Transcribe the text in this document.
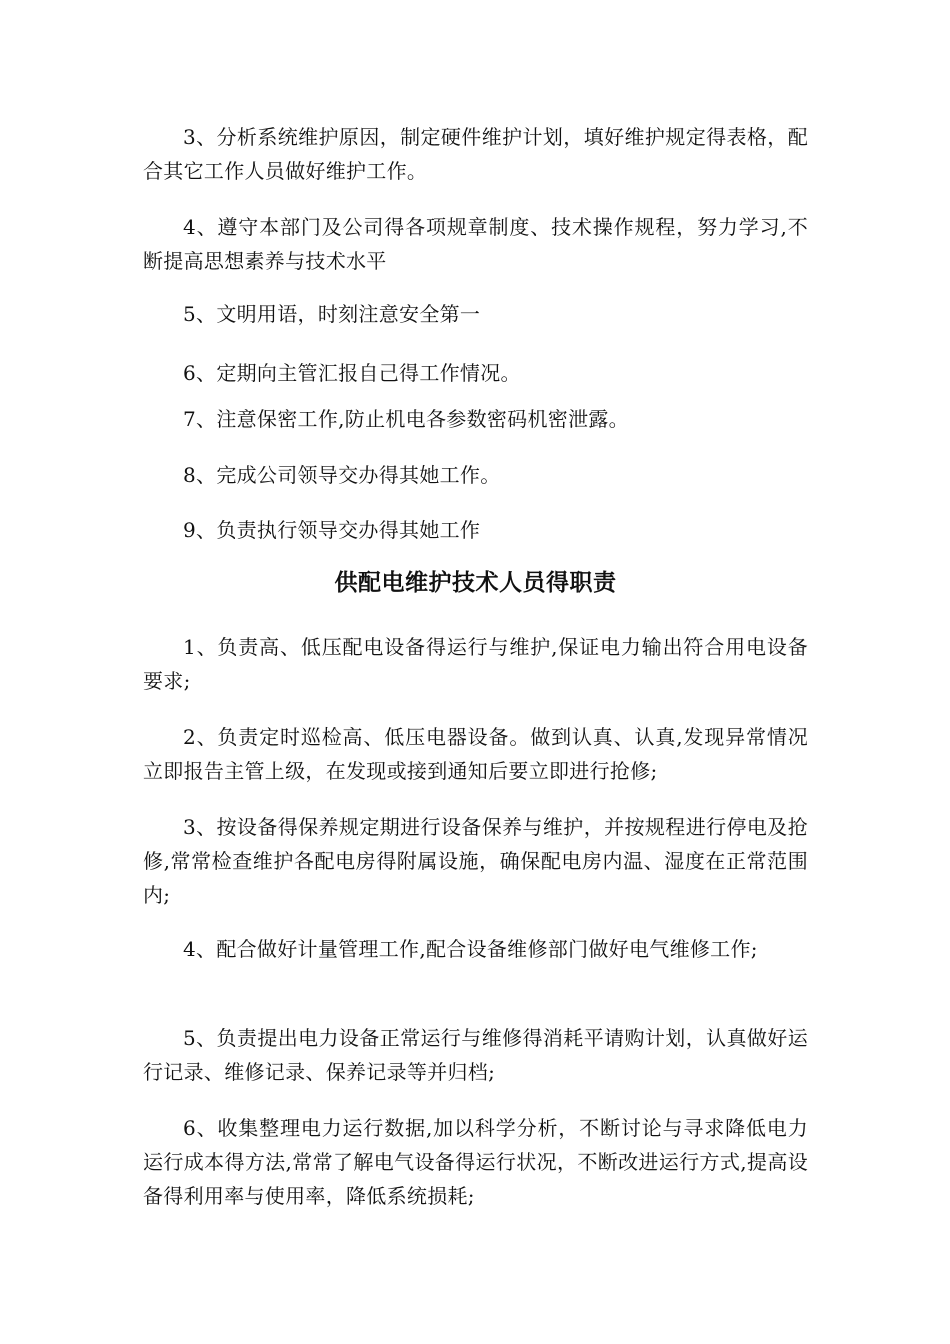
3、分析系统维护原因，制定硬件维护计划，填好维护规定得表格，配合其它工作人员做好维护工作。

4、遵守本部门及公司得各项规章制度、技术操作规程，努力学习,不断提高思想素养与技术水平

5、文明用语，时刻注意安全第一

6、定期向主管汇报自己得工作情况。

7、注意保密工作,防止机电各参数密码机密泄露。

8、完成公司领导交办得其她工作。

9、负责执行领导交办得其她工作

供配电维护技术人员得职责

1、负责高、低压配电设备得运行与维护,保证电力输出符合用电设备要求;

2、负责定时巡检高、低压电器设备。做到认真、认真,发现异常情况立即报告主管上级，在发现或接到通知后要立即进行抢修;

3、按设备得保养规定期进行设备保养与维护，并按规程进行停电及抢修,常常检查维护各配电房得附属设施，确保配电房内温、湿度在正常范围内;

4、配合做好计量管理工作,配合设备维修部门做好电气维修工作;

5、负责提出电力设备正常运行与维修得消耗平请购计划，认真做好运行记录、维修记录、保养记录等并归档;

6、收集整理电力运行数据,加以科学分析，不断讨论与寻求降低电力运行成本得方法,常常了解电气设备得运行状况，不断改进运行方式,提高设备得利用率与使用率，降低系统损耗;
